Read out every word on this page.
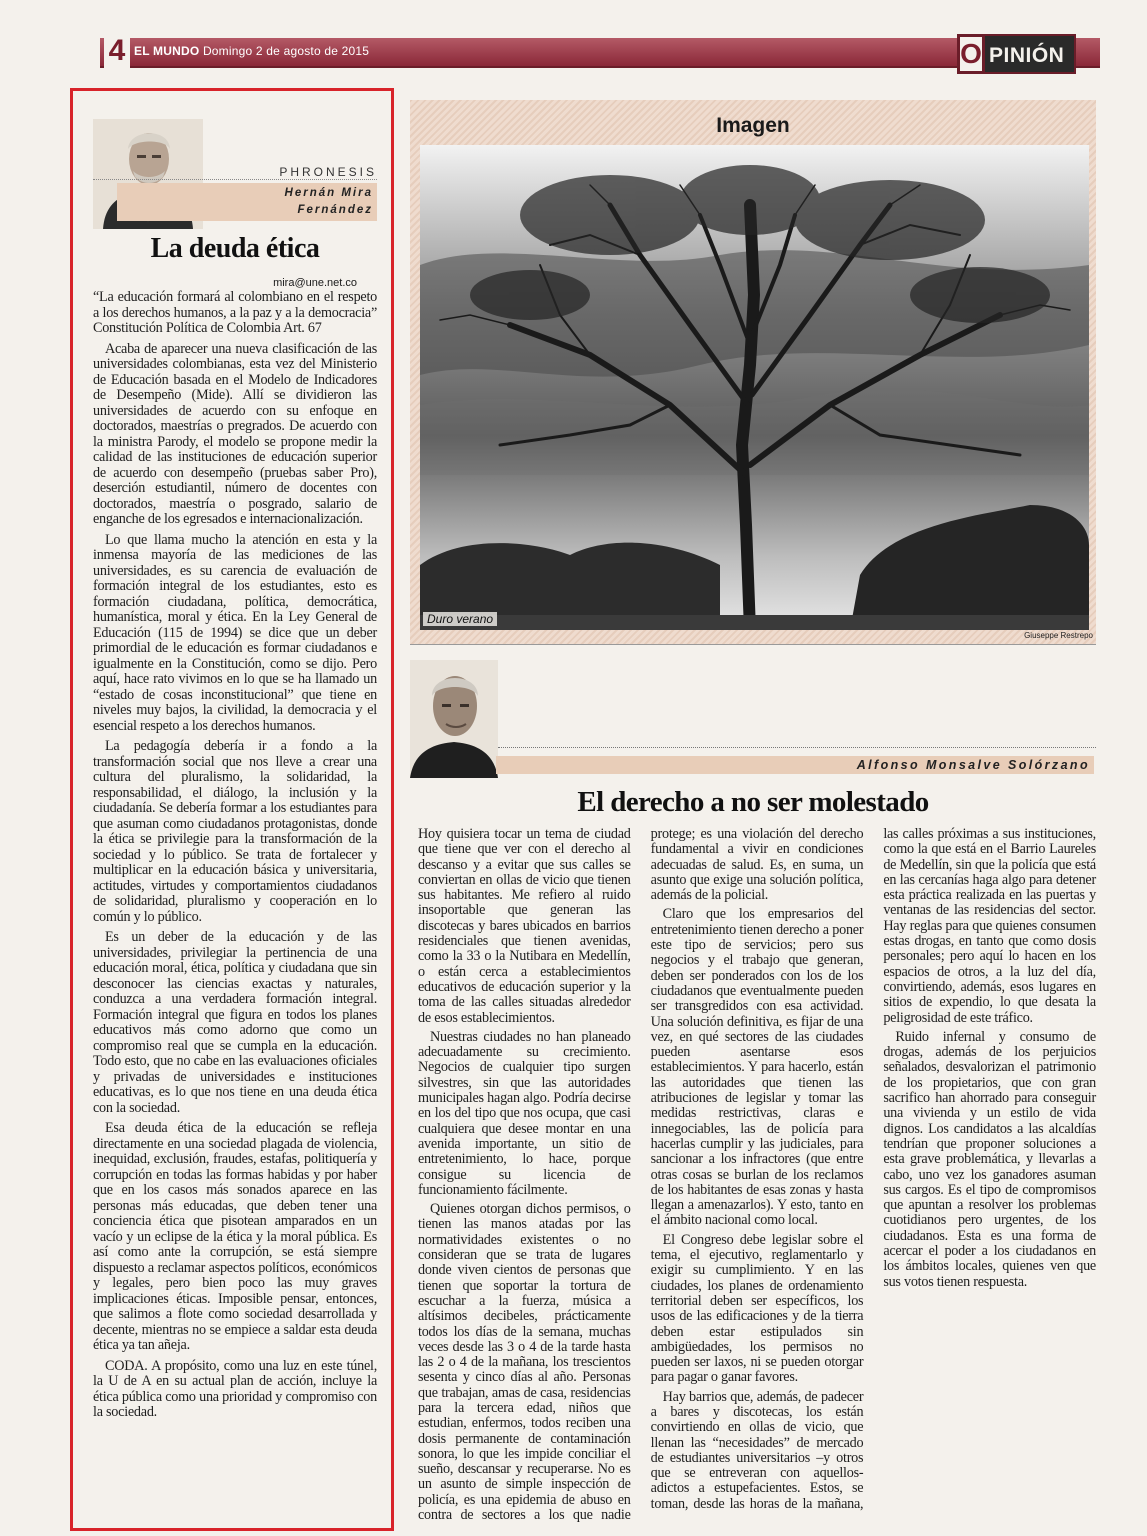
4 EL MUNDO Domingo 2 de agosto de 2015	O PINIÓN
PHRONESIS
Hernán Mira
Fernández
La deuda ética
mira@une.net.co

“La educación formará al colombiano en el respeto a los derechos humanos, a la paz y a la democracia” Constitución Política de Colombia Art. 67

Acaba de aparecer una nueva clasificación de las universidades colombianas, esta vez del Ministerio de Educación basada en el Modelo de Indicadores de Desempeño (Mide). Allí se dividieron las universidades de acuerdo con su enfoque en doctorados, maestrías o pregrados. De acuerdo con la ministra Parody, el modelo se propone medir la calidad de las instituciones de educación superior de acuerdo con desempeño (pruebas saber Pro), deserción estudiantil, número de docentes con doctorados, maestría o posgrado, salario de enganche de los egresados e internacionalización.

Lo que llama mucho la atención en esta y la inmensa mayoría de las mediciones de las universidades, es su carencia de evaluación de formación integral de los estudiantes, esto es formación ciudadana, política, democrática, humanística, moral y ética. En la Ley General de Educación (115 de 1994) se dice que un deber primordial de le educación es formar ciudadanos e igualmente en la Constitución, como se dijo. Pero aquí, hace rato vivimos en lo que se ha llamado un “estado de cosas inconstitucional” que tiene en niveles muy bajos, la civilidad, la democracia y el esencial respeto a los derechos humanos.

La pedagogía debería ir a fondo a la transformación social que nos lleve a crear una cultura del pluralismo, la solidaridad, la responsabilidad, el diálogo, la inclusión y la ciudadanía. Se debería formar a los estudiantes para que asuman como ciudadanos protagonistas, donde la ética se privilegie para la transformación de la sociedad y lo público. Se trata de fortalecer y multiplicar en la educación básica y universitaria, actitudes, virtudes y comportamientos ciudadanos de solidaridad, pluralismo y cooperación en lo común y lo público.

Es un deber de la educación y de las universidades, privilegiar la pertinencia de una educación moral, ética, política y ciudadana que sin desconocer las ciencias exactas y naturales, conduzca a una verdadera formación integral. Formación integral que figura en todos los planes educativos más como adorno que como un compromiso real que se cumpla en la educación. Todo esto, que no cabe en las evaluaciones oficiales y privadas de universidades e instituciones educativas, es lo que nos tiene en una deuda ética con la sociedad.

Esa deuda ética de la educación se refleja directamente en una sociedad plagada de violencia, inequidad, exclusión, fraudes, estafas, politiquería y corrupción en todas las formas habidas y por haber que en los casos más sonados aparece en las personas más educadas, que deben tener una conciencia ética que pisotean amparados en un vacío y un eclipse de la ética y la moral pública. Es así como ante la corrupción, se está siempre dispuesto a reclamar aspectos políticos, económicos y legales, pero bien poco las muy graves implicaciones éticas. Imposible pensar, entonces, que salimos a flote como sociedad desarrollada y decente, mientras no se empiece a saldar esta deuda ética ya tan añeja.

CODA. A propósito, como una luz en este túnel, la U de A en su actual plan de acción, incluye la ética pública como una prioridad y compromiso con la sociedad.

Imagen
Duro verano
Giuseppe Restrepo
Alfonso Monsalve Solórzano
El derecho a no ser molestado

Hoy quisiera tocar un tema de ciudad que tiene que ver con el derecho al descanso y a evitar que sus calles se conviertan en ollas de vicio que tienen sus habitantes. Me refiero al ruido insoportable que generan las discotecas y bares ubicados en barrios residenciales que tienen avenidas, como la 33 o la Nutibara en Medellín, o están cerca a establecimientos educativos de educación superior y la toma de las calles situadas alrededor de esos establecimientos.

Nuestras ciudades no han planeado adecuadamente su crecimiento. Negocios de cualquier tipo surgen silvestres, sin que las autoridades municipales hagan algo. Podría decirse en los del tipo que nos ocupa, que casi cualquiera que desee montar en una avenida importante, un sitio de entretenimiento, lo hace, porque consigue su licencia de funcionamiento fácilmente.

Quienes otorgan dichos permisos, o tienen las manos atadas por las normatividades existentes o no consideran que se trata de lugares donde viven cientos de personas que tienen que soportar la tortura de escuchar a la fuerza, música a altísimos decibeles, prácticamente todos los días de la semana, muchas veces desde las 3 o 4 de la tarde hasta las 2 o 4 de la mañana, los trescientos sesenta y cinco días al año. Personas que trabajan, amas de casa, residencias para la tercera edad, niños que estudian, enfermos, todos reciben una dosis permanente de contaminación sonora, lo que les impide conciliar el sueño, descansar y recuperarse. No es un asunto de simple inspección de policía, es una epidemia de abuso en contra de sectores a los que nadie protege; es una violación del derecho fundamental a vivir en condiciones adecuadas de salud. Es, en suma, un asunto que exige una solución política, además de la policial.

Claro que los empresarios del entretenimiento tienen derecho a poner este tipo de servicios; pero sus negocios y el trabajo que generan, deben ser ponderados con los de los ciudadanos que eventualmente pueden ser transgredidos con esa actividad. Una solución definitiva, es fijar de una vez, en qué sectores de las ciudades pueden asentarse esos establecimientos. Y para hacerlo, están las autoridades que tienen las atribuciones de legislar y tomar las medidas restrictivas, claras e innegociables, las de policía para hacerlas cumplir y las judiciales, para sancionar a los infractores (que entre otras cosas se burlan de los reclamos de los habitantes de esas zonas y hasta llegan a amenazarlos). Y esto, tanto en el ámbito nacional como local.

El Congreso debe legislar sobre el tema, el ejecutivo, reglamentarlo y exigir su cumplimiento. Y en las ciudades, los planes de ordenamiento territorial deben ser específicos, los usos de las edificaciones y de la tierra deben estar estipulados sin ambigüedades, los permisos no pueden ser laxos, ni se pueden otorgar para pagar o ganar favores.

Hay barrios que, además, de padecer a bares y discotecas, los están convirtiendo en ollas de vicio, que llenan las “necesidades” de mercado de estudiantes universitarios –y otros que se entreveran con aquellos- adictos a estupefacientes. Estos, se toman, desde las horas de la mañana, las calles próximas a sus instituciones, como la que está en el Barrio Laureles de Medellín, sin que la policía que está en las cercanías haga algo para detener esta práctica realizada en las puertas y ventanas de las residencias del sector. Hay reglas para que quienes consumen estas drogas, en tanto que como dosis personales; pero aquí lo hacen en los espacios de otros, a la luz del día, convirtiendo, además, esos lugares en sitios de expendio, lo que desata la peligrosidad de este tráfico.

Ruido infernal y consumo de drogas, además de los perjuicios señalados, desvalorizan el patrimonio de los propietarios, que con gran sacrifico han ahorrado para conseguir una vivienda y un estilo de vida dignos. Los candidatos a las alcaldías tendrían que proponer soluciones a esta grave problemática, y llevarlas a cabo, uno vez los ganadores asuman sus cargos. Es el tipo de compromisos que apuntan a resolver los problemas cuotidianos pero urgentes, de los ciudadanos. Esta es una forma de acercar el poder a los ciudadanos en los ámbitos locales, quienes ven que sus votos tienen respuesta.
